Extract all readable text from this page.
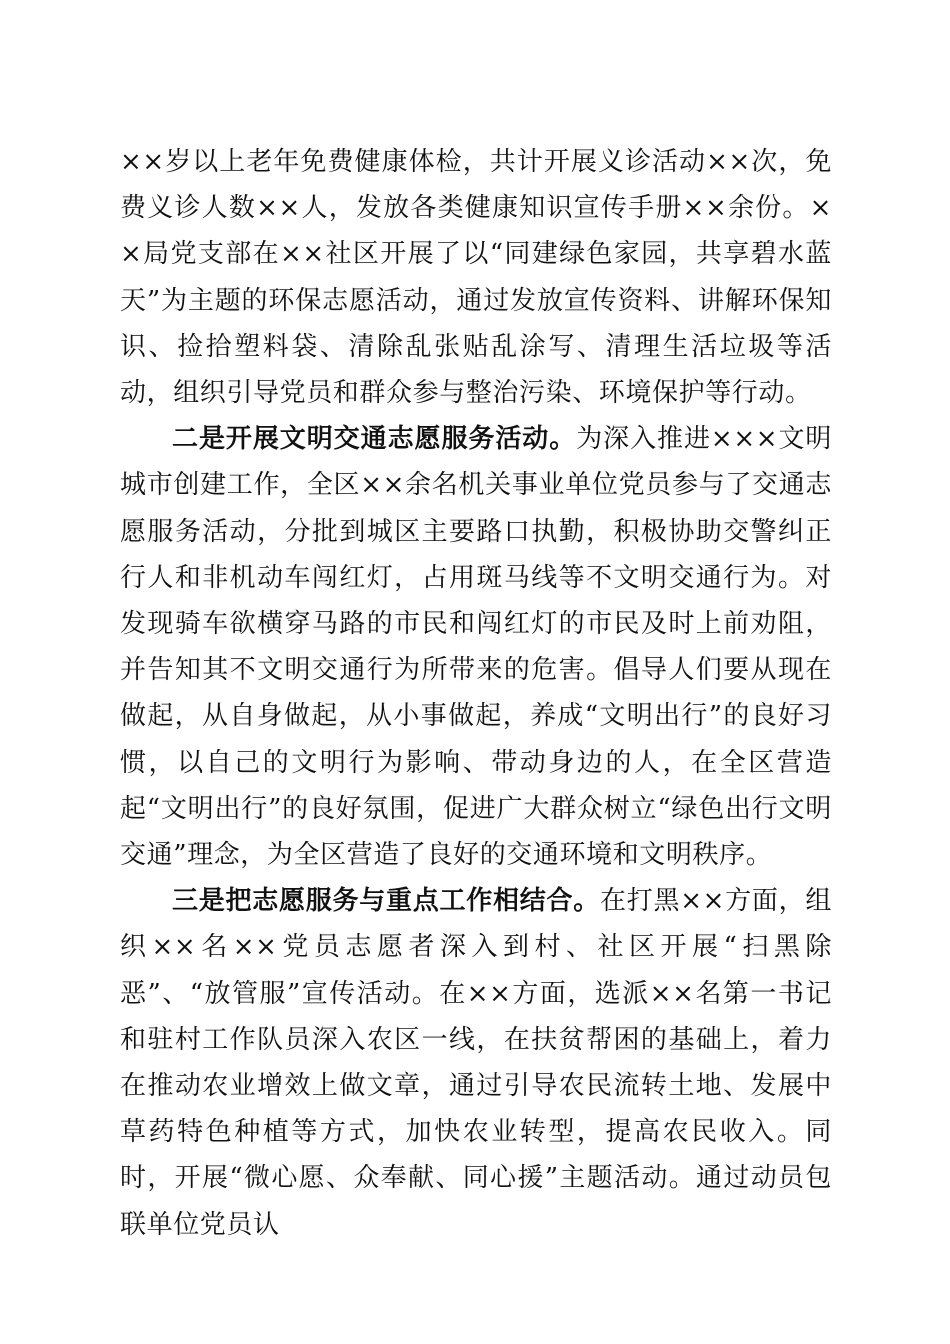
××岁以上老年免费健康体检，共计开展义诊活动××次，免费义诊人数××人，发放各类健康知识宣传手册××余份。××局党支部在××社区开展了以“同建绿色家园，共享碧水蓝天”为主题的环保志愿活动，通过发放宣传资料、讲解环保知识、捡拾塑料袋、清除乱张贴乱涂写、清理生活垃圾等活动，组织引导党员和群众参与整治污染、环境保护等行动。

二是开展文明交通志愿服务活动。为深入推进×××文明城市创建工作，全区××余名机关事业单位党员参与了交通志愿服务活动，分批到城区主要路口执勤，积极协助交警纠正行人和非机动车闯红灯，占用斑马线等不文明交通行为。对发现骑车欲横穿马路的市民和闯红灯的市民及时上前劝阻，并告知其不文明交通行为所带来的危害。倡导人们要从现在做起，从自身做起，从小事做起，养成“文明出行”的良好习惯，以自己的文明行为影响、带动身边的人，在全区营造起“文明出行”的良好氛围，促进广大群众树立“绿色出行文明交通”理念，为全区营造了良好的交通环境和文明秩序。

三是把志愿服务与重点工作相结合。在打黑××方面，组织××名××党员志愿者深入到村、社区开展“扫黑除恶”、“放管服”宣传活动。在××方面，选派××名第一书记和驻村工作队员深入农区一线，在扶贫帮困的基础上，着力在推动农业增效上做文章，通过引导农民流转土地、发展中草药特色种植等方式，加快农业转型，提高农民收入。同时，开展“微心愿、众奉献、同心援”主题活动。通过动员包联单位党员认
